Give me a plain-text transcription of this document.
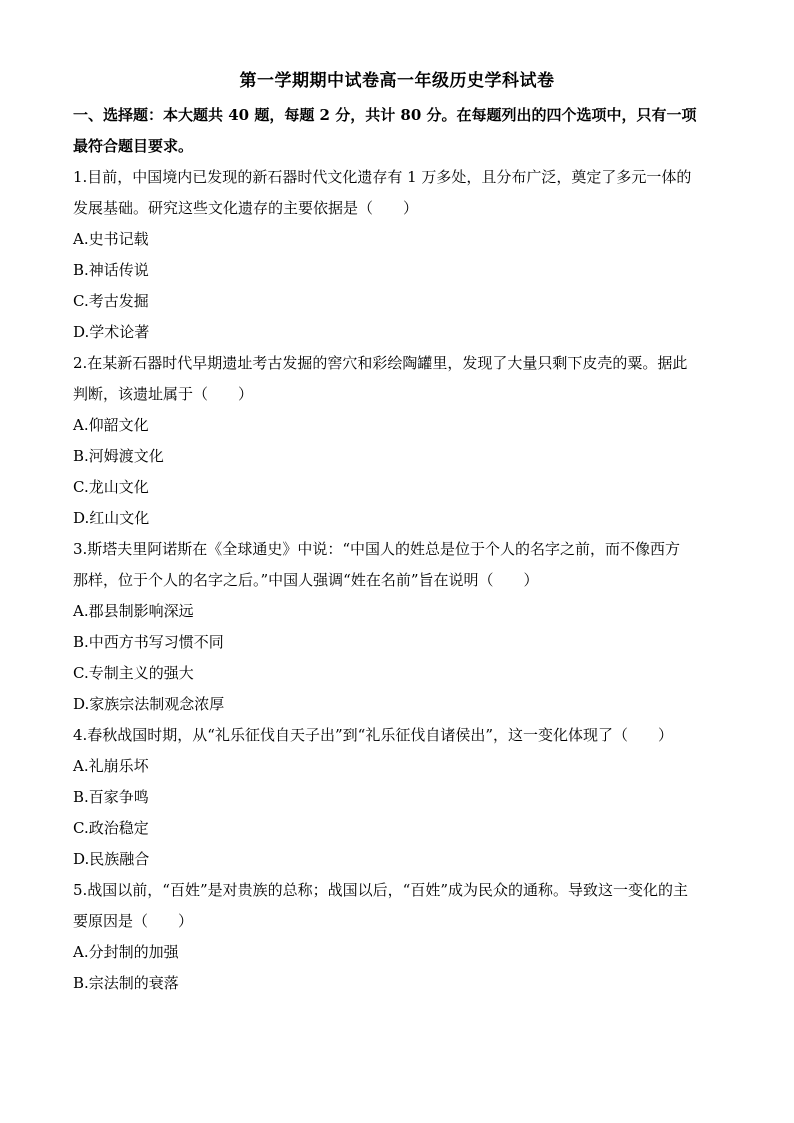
第一学期期中试卷高一年级历史学科试卷
一、选择题：本大题共 40 题，每题 2 分，共计 80 分。在每题列出的四个选项中，只有一项
最符合题目要求。
1.目前，中国境内已发现的新石器时代文化遗存有 1 万多处，且分布广泛，奠定了多元一体的
发展基础。研究这些文化遗存的主要依据是（　　）
A.史书记载
B.神话传说
C.考古发掘
D.学术论著
2.在某新石器时代早期遗址考古发掘的窖穴和彩绘陶罐里，发现了大量只剩下皮壳的粟。据此
判断，该遗址属于（　　）
A.仰韶文化
B.河姆渡文化
C.龙山文化
D.红山文化
3.斯塔夫里阿诺斯在《全球通史》中说：“中国人的姓总是位于个人的名字之前，而不像西方
那样，位于个人的名字之后。”中国人强调“姓在名前”旨在说明（　　）
A.郡县制影响深远
B.中西方书写习惯不同
C.专制主义的强大
D.家族宗法制观念浓厚
4.春秋战国时期，从“礼乐征伐自天子出”到“礼乐征伐自诸侯出”，这一变化体现了（　　）
A.礼崩乐坏
B.百家争鸣
C.政治稳定
D.民族融合
5.战国以前，“百姓”是对贵族的总称；战国以后，“百姓”成为民众的通称。导致这一变化的主
要原因是（　　）
A.分封制的加强
B.宗法制的衰落
